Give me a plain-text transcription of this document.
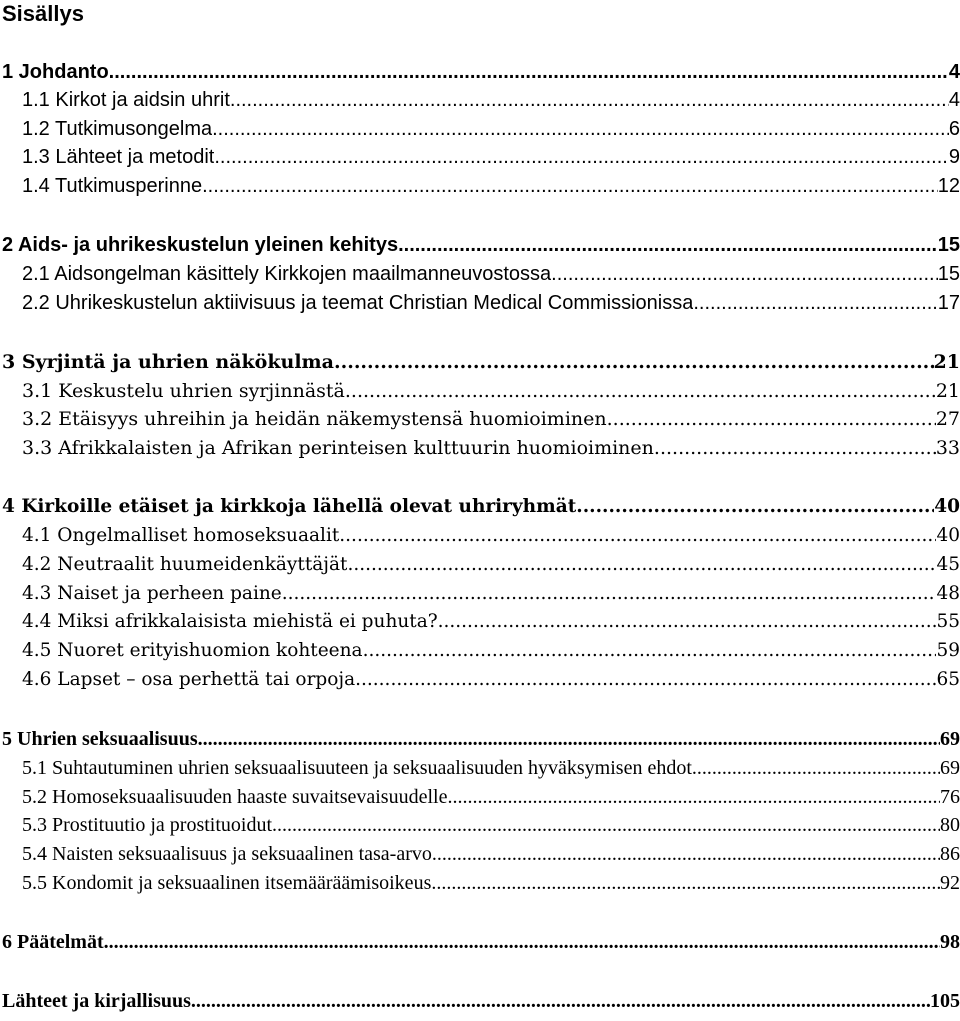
Sisällys
1 Johdanto .....	4
1.1 Kirkot ja aidsin uhrit .....	4
1.2 Tutkimusongelma .....	6
1.3 Lähteet ja metodit .....	9
1.4 Tutkimusperinne .....	12
2 Aids- ja uhrikeskustelun yleinen kehitys .....	15
2.1 Aidsongelman käsittely Kirkkojen maailmanneuvostossa .....	15
2.2 Uhrikeskustelun aktiivisuus ja teemat Christian Medical Commissionissa .....	17
3 Syrjintä ja uhrien näkökulma .....	21
3.1 Keskustelu uhrien syrjinnästä .....	21
3.2 Etäisyys uhreihin ja heidän näkemystensä huomioiminen .....	27
3.3 Afrikkalaisten ja Afrikan perinteisen kulttuurin huomioiminen .....	33
4 Kirkoille etäiset ja kirkkoja lähellä olevat uhriryhmät .....	40
4.1 Ongelmalliset homoseksuaalit .....	40
4.2 Neutraalit huumeidenkäyttäjät .....	45
4.3 Naiset ja perheen paine .....	48
4.4 Miksi afrikkalaisista miehistä ei puhuta? .....	55
4.5 Nuoret erityishuomion kohteena .....	59
4.6 Lapset – osa perhettä tai orpoja .....	65
5 Uhrien seksuaalisuus .....	69
5.1 Suhtautuminen uhrien seksuaalisuuteen ja seksuaalisuuden hyväksymisen ehdot .....	69
5.2 Homoseksuaalisuuden haaste suvaitsevaisuudelle .....	76
5.3 Prostituutio ja prostituoidut .....	80
5.4 Naisten seksuaalisuus ja seksuaalinen tasa-arvo .....	86
5.5 Kondomit ja seksuaalinen itsemääräämisoikeus .....	92
6 Päätelmät .....	98
Lähteet ja kirjallisuus .....	105
